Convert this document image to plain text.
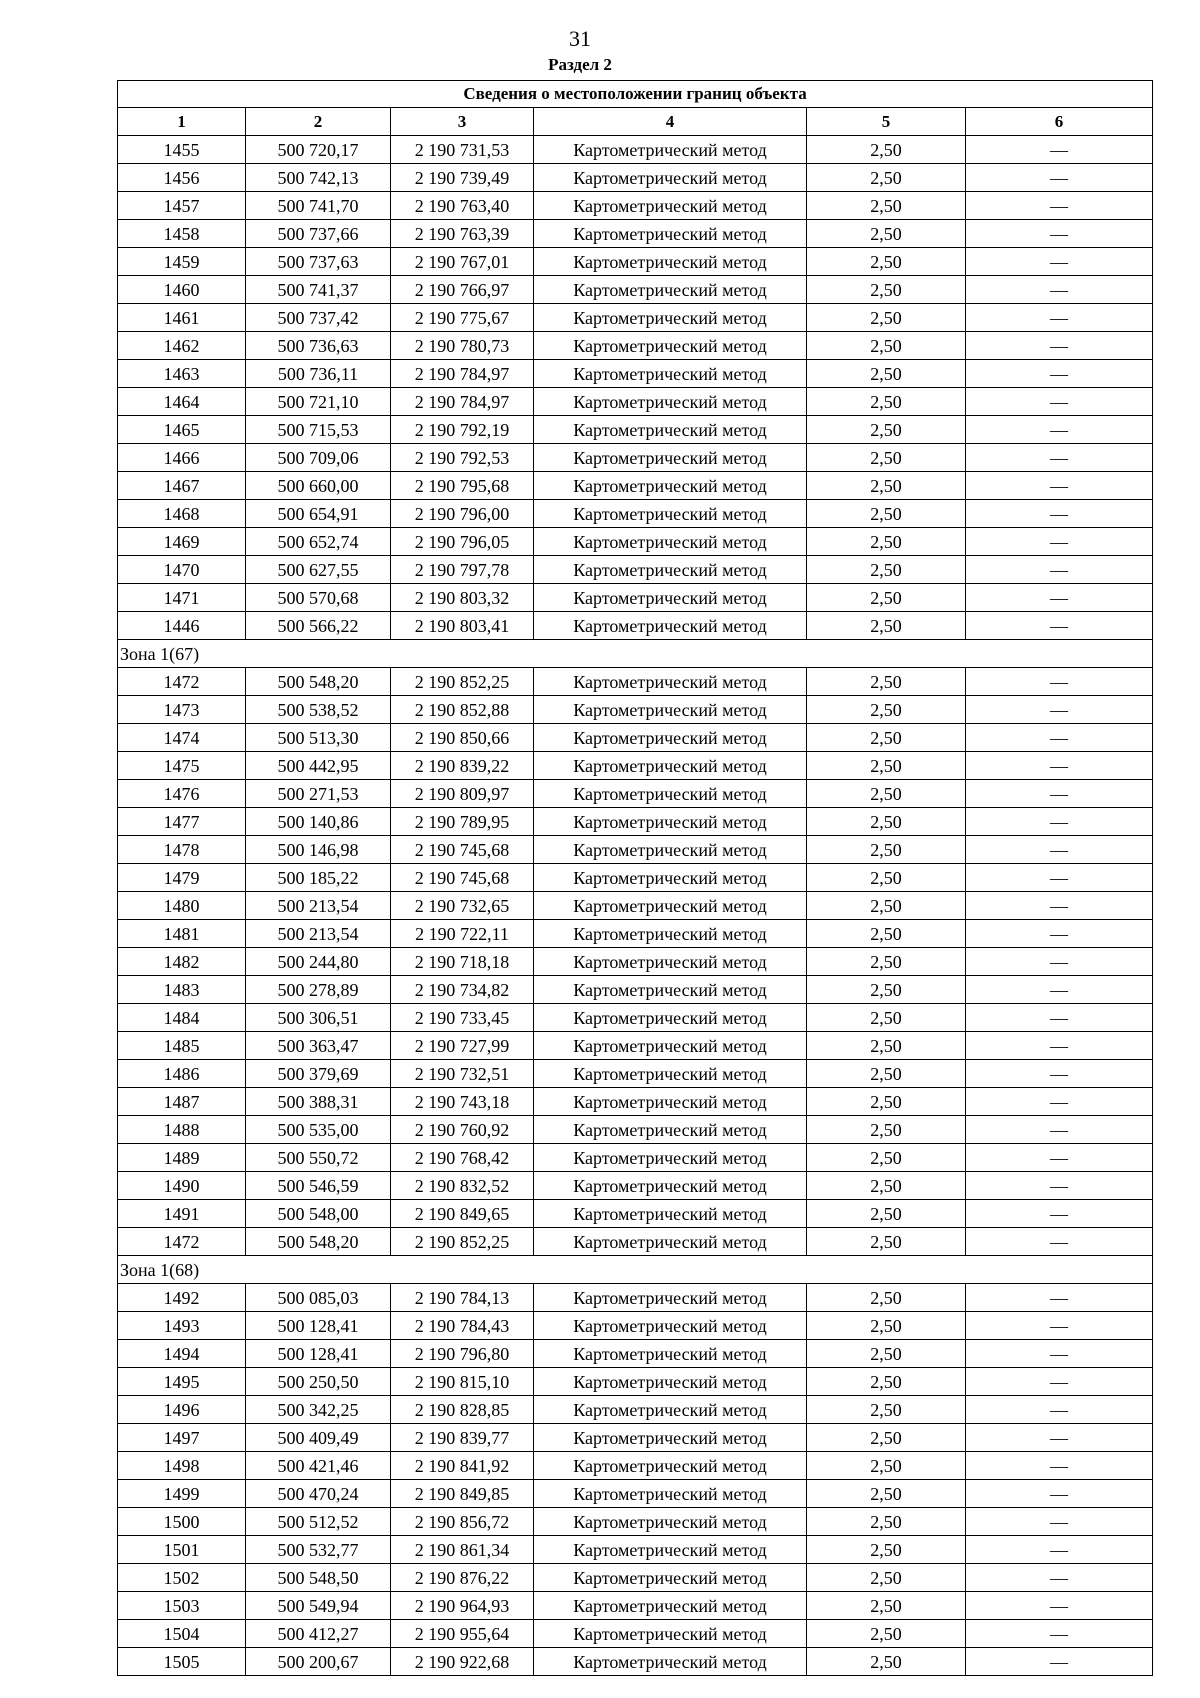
31
Раздел 2
Сведения о местоположении границ объекта					
1	2	3	4	5	6
1455	500 720,17	2 190 731,53	Картометрический метод	2,50	—
1456	500 742,13	2 190 739,49	Картометрический метод	2,50	—
1457	500 741,70	2 190 763,40	Картометрический метод	2,50	—
1458	500 737,66	2 190 763,39	Картометрический метод	2,50	—
1459	500 737,63	2 190 767,01	Картометрический метод	2,50	—
1460	500 741,37	2 190 766,97	Картометрический метод	2,50	—
1461	500 737,42	2 190 775,67	Картометрический метод	2,50	—
1462	500 736,63	2 190 780,73	Картометрический метод	2,50	—
1463	500 736,11	2 190 784,97	Картометрический метод	2,50	—
1464	500 721,10	2 190 784,97	Картометрический метод	2,50	—
1465	500 715,53	2 190 792,19	Картометрический метод	2,50	—
1466	500 709,06	2 190 792,53	Картометрический метод	2,50	—
1467	500 660,00	2 190 795,68	Картометрический метод	2,50	—
1468	500 654,91	2 190 796,00	Картометрический метод	2,50	—
1469	500 652,74	2 190 796,05	Картометрический метод	2,50	—
1470	500 627,55	2 190 797,78	Картометрический метод	2,50	—
1471	500 570,68	2 190 803,32	Картометрический метод	2,50	—
1446	500 566,22	2 190 803,41	Картометрический метод	2,50	—
Зона 1(67)					
1472	500 548,20	2 190 852,25	Картометрический метод	2,50	—
1473	500 538,52	2 190 852,88	Картометрический метод	2,50	—
1474	500 513,30	2 190 850,66	Картометрический метод	2,50	—
1475	500 442,95	2 190 839,22	Картометрический метод	2,50	—
1476	500 271,53	2 190 809,97	Картометрический метод	2,50	—
1477	500 140,86	2 190 789,95	Картометрический метод	2,50	—
1478	500 146,98	2 190 745,68	Картометрический метод	2,50	—
1479	500 185,22	2 190 745,68	Картометрический метод	2,50	—
1480	500 213,54	2 190 732,65	Картометрический метод	2,50	—
1481	500 213,54	2 190 722,11	Картометрический метод	2,50	—
1482	500 244,80	2 190 718,18	Картометрический метод	2,50	—
1483	500 278,89	2 190 734,82	Картометрический метод	2,50	—
1484	500 306,51	2 190 733,45	Картометрический метод	2,50	—
1485	500 363,47	2 190 727,99	Картометрический метод	2,50	—
1486	500 379,69	2 190 732,51	Картометрический метод	2,50	—
1487	500 388,31	2 190 743,18	Картометрический метод	2,50	—
1488	500 535,00	2 190 760,92	Картометрический метод	2,50	—
1489	500 550,72	2 190 768,42	Картометрический метод	2,50	—
1490	500 546,59	2 190 832,52	Картометрический метод	2,50	—
1491	500 548,00	2 190 849,65	Картометрический метод	2,50	—
1472	500 548,20	2 190 852,25	Картометрический метод	2,50	—
Зона 1(68)					
1492	500 085,03	2 190 784,13	Картометрический метод	2,50	—
1493	500 128,41	2 190 784,43	Картометрический метод	2,50	—
1494	500 128,41	2 190 796,80	Картометрический метод	2,50	—
1495	500 250,50	2 190 815,10	Картометрический метод	2,50	—
1496	500 342,25	2 190 828,85	Картометрический метод	2,50	—
1497	500 409,49	2 190 839,77	Картометрический метод	2,50	—
1498	500 421,46	2 190 841,92	Картометрический метод	2,50	—
1499	500 470,24	2 190 849,85	Картометрический метод	2,50	—
1500	500 512,52	2 190 856,72	Картометрический метод	2,50	—
1501	500 532,77	2 190 861,34	Картометрический метод	2,50	—
1502	500 548,50	2 190 876,22	Картометрический метод	2,50	—
1503	500 549,94	2 190 964,93	Картометрический метод	2,50	—
1504	500 412,27	2 190 955,64	Картометрический метод	2,50	—
1505	500 200,67	2 190 922,68	Картометрический метод	2,50	—
